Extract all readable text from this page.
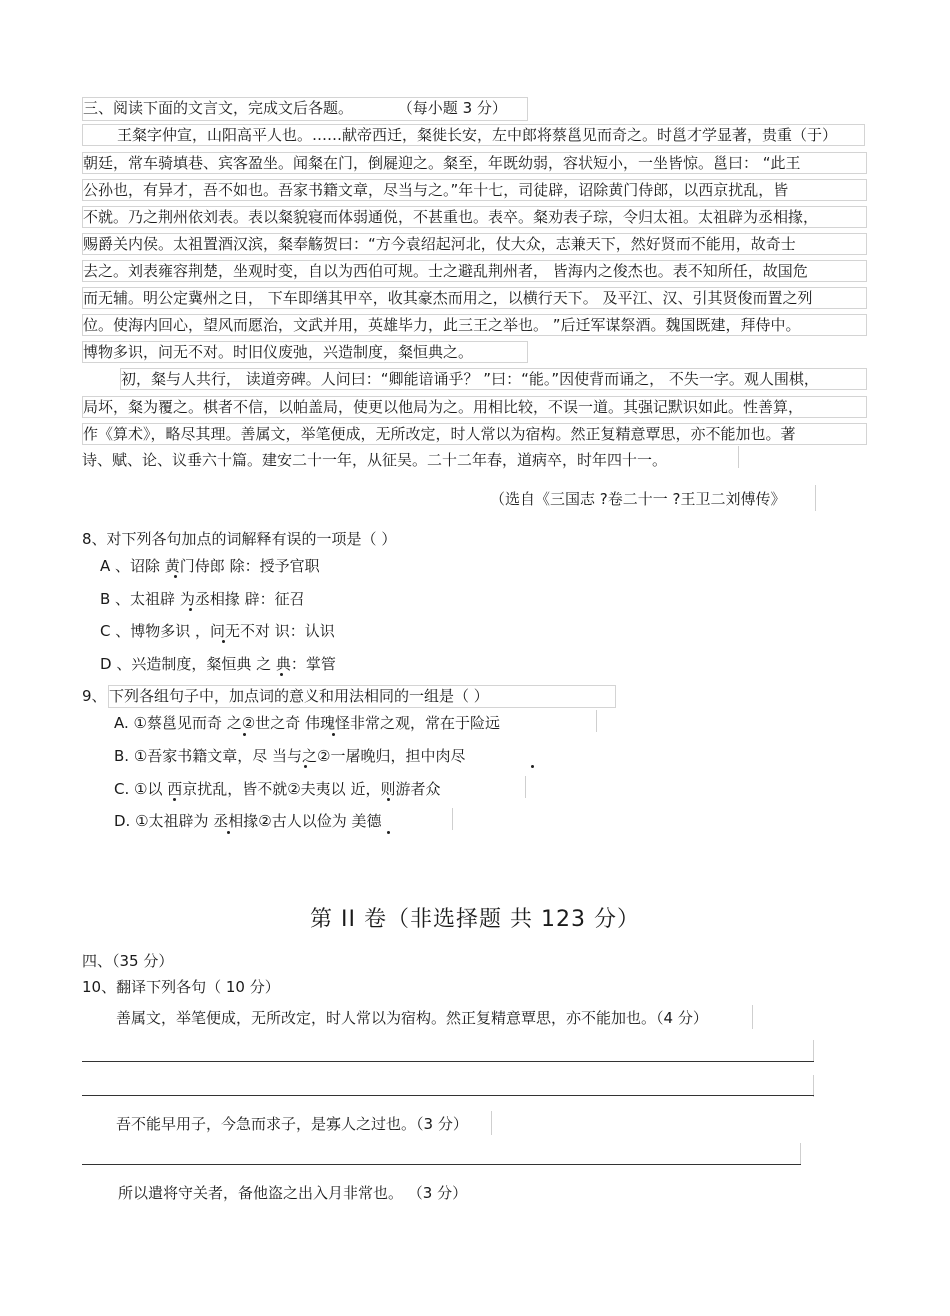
三、阅读下面的文言文，完成文后各题。	（每小题 3 分）
王粲字仲宣，山阳高平人也。……献帝西迁，粲徙长安，左中郎将蔡邕见而奇之。时邕才学显著，贵重（于）
朝廷，常车骑填巷、宾客盈坐。闻粲在门，倒屣迎之。粲至，年既幼弱，容状短小，一坐皆惊。邕曰： “此王
公孙也，有异才，吾不如也。吾家书籍文章，尽当与之。”年十七，司徒辟，诏除黄门侍郎，以西京扰乱，皆
不就。乃之荆州依刘表。表以粲貌寝而体弱通侻，不甚重也。表卒。粲劝表子琮，令归太祖。太祖辟为丞相掾，
赐爵关内侯。太祖置酒汉滨，粲奉觞贺曰：“方今袁绍起河北，仗大众，志兼天下，然好贤而不能用，故奇士
去之。刘表雍容荆楚，坐观时变，自以为西伯可规。士之避乱荆州者， 皆海内之俊杰也。表不知所任，故国危
而无辅。明公定冀州之日， 下车即缮其甲卒，收其豪杰而用之，以横行天下。 及平江、汉、引其贤俊而置之列
位。使海内回心，望风而愿治，文武并用，英雄毕力，此三王之举也。 ”后迁军谋祭酒。魏国既建，拜侍中。
博物多识，问无不对。时旧仪废弛，兴造制度，粲恒典之。
初，粲与人共行， 读道旁碑。人问曰：“卿能谙诵乎？ ”曰：“能。”因使背而诵之， 不失一字。观人围棋，
局坏，粲为覆之。棋者不信，以帕盖局，使更以他局为之。用相比较，不误一道。其强记默识如此。性善算，
作《算术》，略尽其理。善属文，举笔便成，无所改定，时人常以为宿构。然正复精意覃思，亦不能加也。著
诗、赋、论、议垂六十篇。建安二十一年，从征吴。二十二年春，道病卒，时年四十一。
（选自《三国志 ?卷二十一 ?王卫二刘傅传》
8、对下列各句加点的词解释有误的一项是（ ）
A 、诏除 黄门侍郎 除：授予官职
B 、太祖辟 为丞相掾 辟：征召
C 、博物多识 ，问无不对 识：认识
D 、兴造制度，粲恒典 之 典：掌管
9、 下列各组句子中，加点词的意义和用法相同的一组是（ ）
A. ①蔡邕见而奇 之②世之奇 伟瑰怪非常之观，常在于险远
B. ①吾家书籍文章，尽 当与之②一屠晚归，担中肉尽
C. ①以 西京扰乱，皆不就②夫夷以 近，则游者众
D. ①太祖辟为 丞相掾②古人以俭为 美德
第 II 卷（非选择题 共 123 分）
四、（35 分）
10、翻译下列各句（ 10 分）
善属文，举笔便成，无所改定，时人常以为宿构。然正复精意覃思，亦不能加也。（4 分）
吾不能早用子，今急而求子，是寡人之过也。（3 分）
所以遣将守关者，备他盗之出入月非常也。 （3 分）
